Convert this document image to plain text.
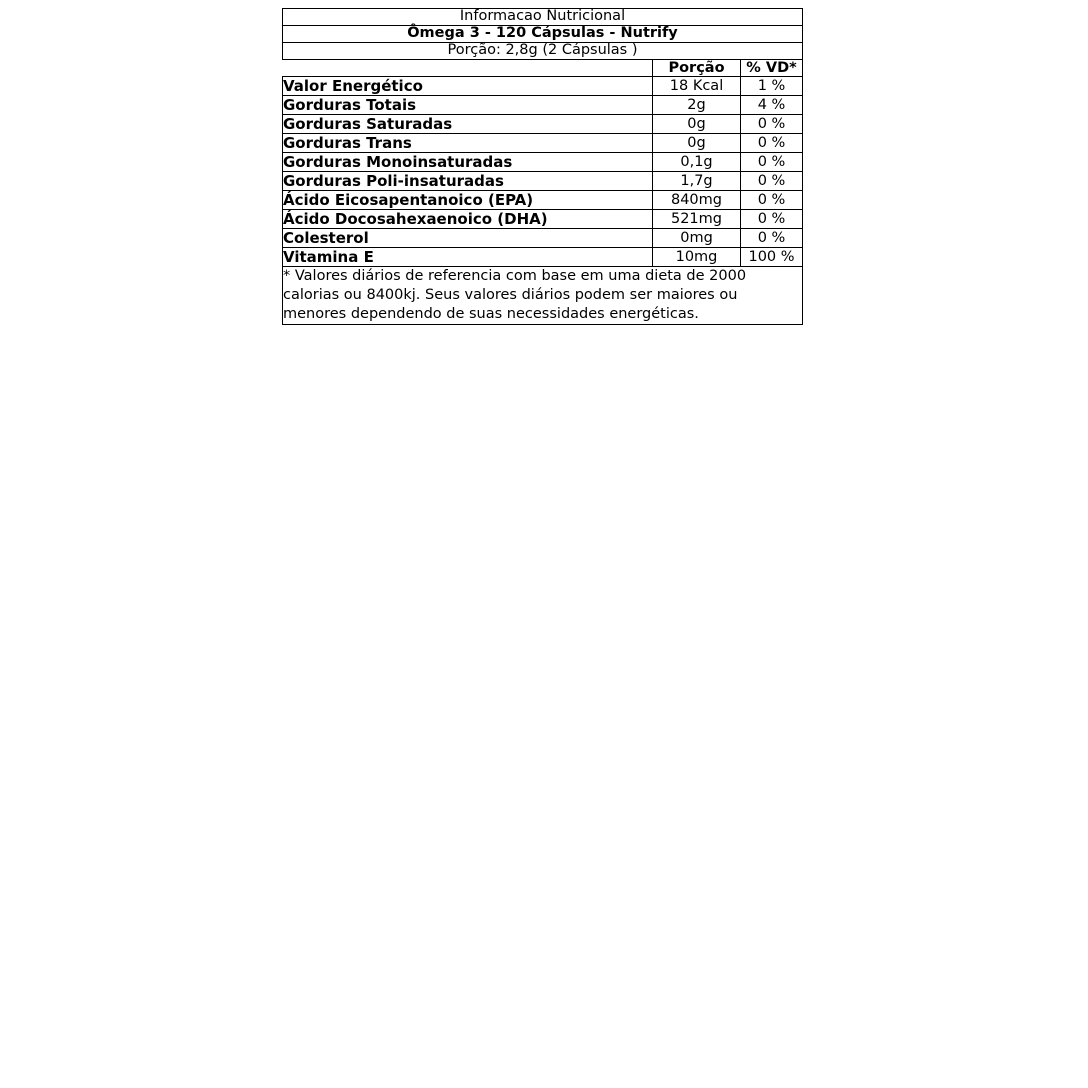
Informacao Nutricional		
Ômega 3 - 120 Cápsulas - Nutrify		
Porção: 2,8g (2 Cápsulas )		
	Porção	% VD*
Valor Energético	18 Kcal	1 %
Gorduras Totais	2g	4 %
Gorduras Saturadas	0g	0 %
Gorduras Trans	0g	0 %
Gorduras Monoinsaturadas	0,1g	0 %
Gorduras Poli-insaturadas	1,7g	0 %
Ácido Eicosapentanoico (EPA)	840mg	0 %
Ácido Docosahexaenoico (DHA)	521mg	0 %
Colesterol	0mg	0 %
Vitamina E	10mg	100 %
* Valores diários de referencia com base em uma dieta de 2000 calorias ou 8400kj. Seus valores diários podem ser maiores ou menores dependendo de suas necessidades energéticas.		
